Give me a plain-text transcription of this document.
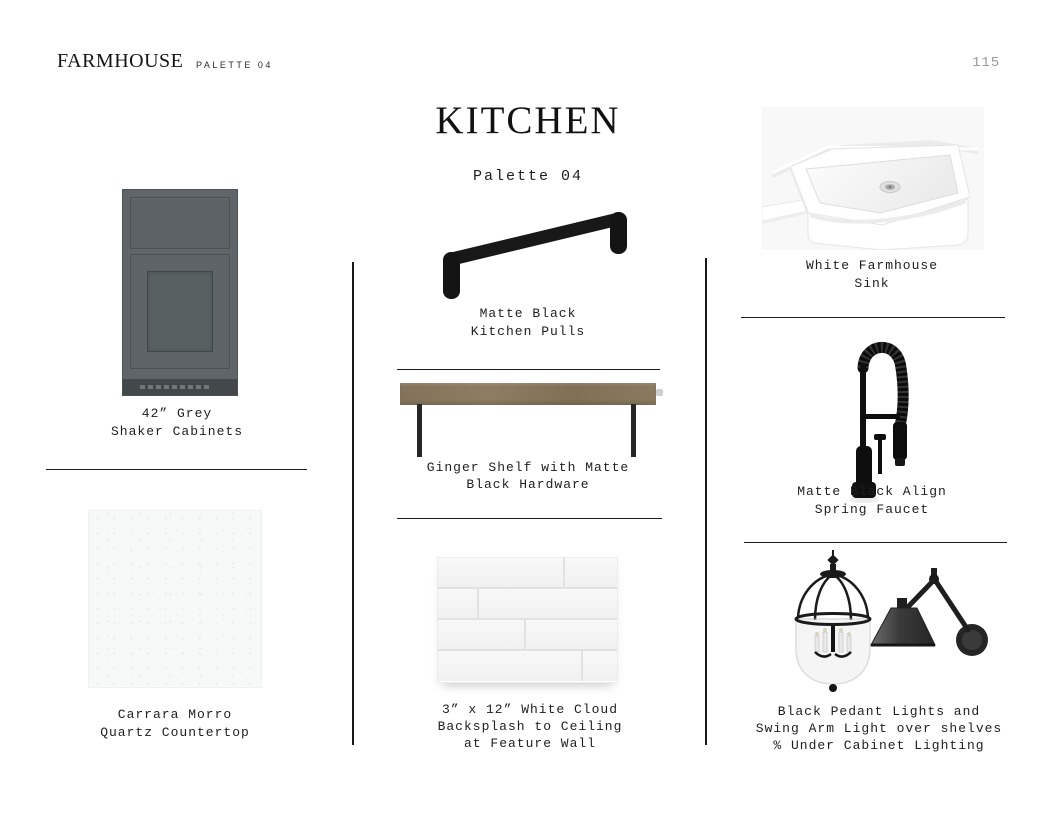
FARMHOUSE PALETTE 04	115
KITCHEN
Palette 04
42” Grey
Shaker Cabinets
Carrara Morro
Quartz Countertop
Matte Black
Kitchen Pulls
Ginger Shelf with Matte
Black Hardware
3” x 12” White Cloud
Backsplash to Ceiling
at Feature Wall
White Farmhouse
Sink
Matte Black Align
Spring Faucet
Black Pedant Lights and
Swing Arm Light over shelves
% Under Cabinet Lighting
